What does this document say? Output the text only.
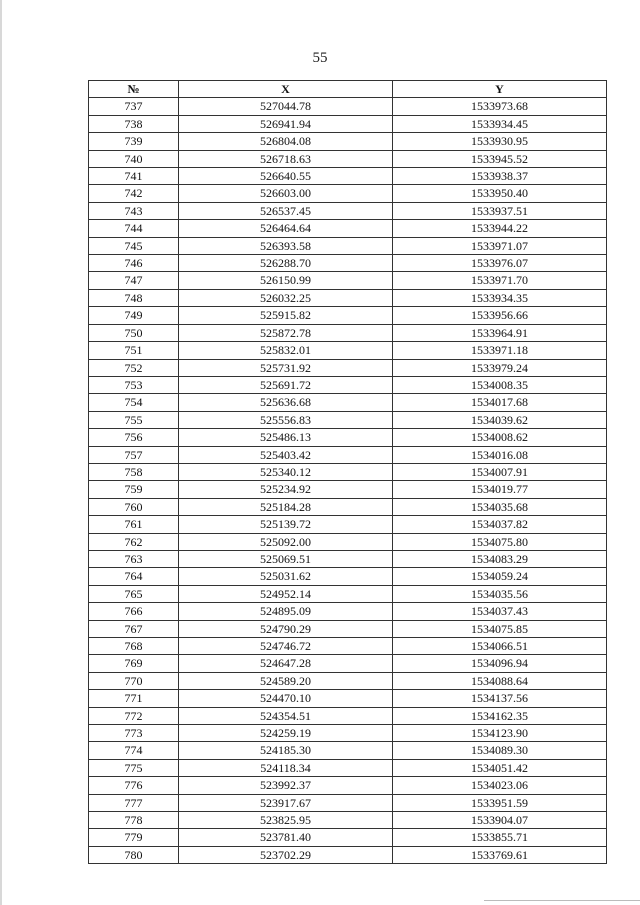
55
№	X	Y
737	527044.78	1533973.68
738	526941.94	1533934.45
739	526804.08	1533930.95
740	526718.63	1533945.52
741	526640.55	1533938.37
742	526603.00	1533950.40
743	526537.45	1533937.51
744	526464.64	1533944.22
745	526393.58	1533971.07
746	526288.70	1533976.07
747	526150.99	1533971.70
748	526032.25	1533934.35
749	525915.82	1533956.66
750	525872.78	1533964.91
751	525832.01	1533971.18
752	525731.92	1533979.24
753	525691.72	1534008.35
754	525636.68	1534017.68
755	525556.83	1534039.62
756	525486.13	1534008.62
757	525403.42	1534016.08
758	525340.12	1534007.91
759	525234.92	1534019.77
760	525184.28	1534035.68
761	525139.72	1534037.82
762	525092.00	1534075.80
763	525069.51	1534083.29
764	525031.62	1534059.24
765	524952.14	1534035.56
766	524895.09	1534037.43
767	524790.29	1534075.85
768	524746.72	1534066.51
769	524647.28	1534096.94
770	524589.20	1534088.64
771	524470.10	1534137.56
772	524354.51	1534162.35
773	524259.19	1534123.90
774	524185.30	1534089.30
775	524118.34	1534051.42
776	523992.37	1534023.06
777	523917.67	1533951.59
778	523825.95	1533904.07
779	523781.40	1533855.71
780	523702.29	1533769.61
